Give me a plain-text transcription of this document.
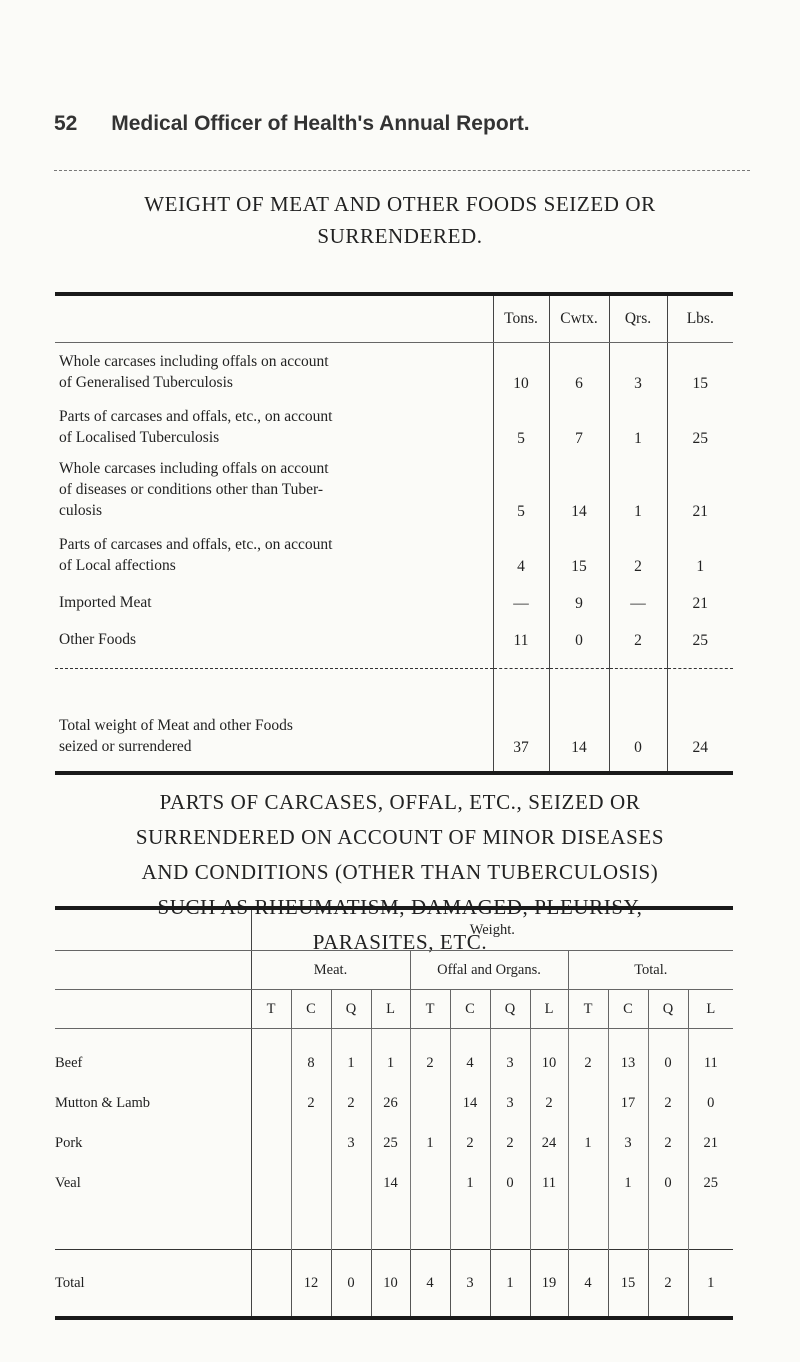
52 Medical Officer of Health's Annual Report.
WEIGHT OF MEAT AND OTHER FOODS SEIZED OR
SURRENDERED.
	Tons.	Cwtx.	Qrs.	Lbs.

Whole carcases including offals on account
of Generalised Tuberculosis	10	6	3	15

Parts of carcases and offals, etc., on account
of Localised Tuberculosis	5	7	1	25

Whole carcases including offals on account
of diseases or conditions other than Tuber-
culosis	5	14	1	21

Parts of carcases and offals, etc., on account
of Local affections	4	15	2	1

Imported Meat	—	9	—	21

Other Foods	11	0	2	25

Total weight of Meat and other Foods
seized or surrendered	37	14	0	24
PARTS OF CARCASES, OFFAL, ETC., SEIZED OR
SURRENDERED ON ACCOUNT OF MINOR DISEASES
AND CONDITIONS (OTHER THAN TUBERCULOSIS)
SUCH AS RHEUMATISM, DAMAGED, PLEURISY,
PARASITES, ETC.
	Weight.											
	Meat.				Offal and Organs.				Total.			
	T	C	Q	L	T	C	Q	L	T	C	Q	L
Beef		8	1	1	2	4	3	10	2	13	0	11
Mutton & Lamb		2	2	26		14	3	2		17	2	0
Pork			3	25	1	2	2	24	1	3	2	21
Veal				14		1	0	11		1	0	25

Total		12	0	10	4	3	1	19	4	15	2	1
